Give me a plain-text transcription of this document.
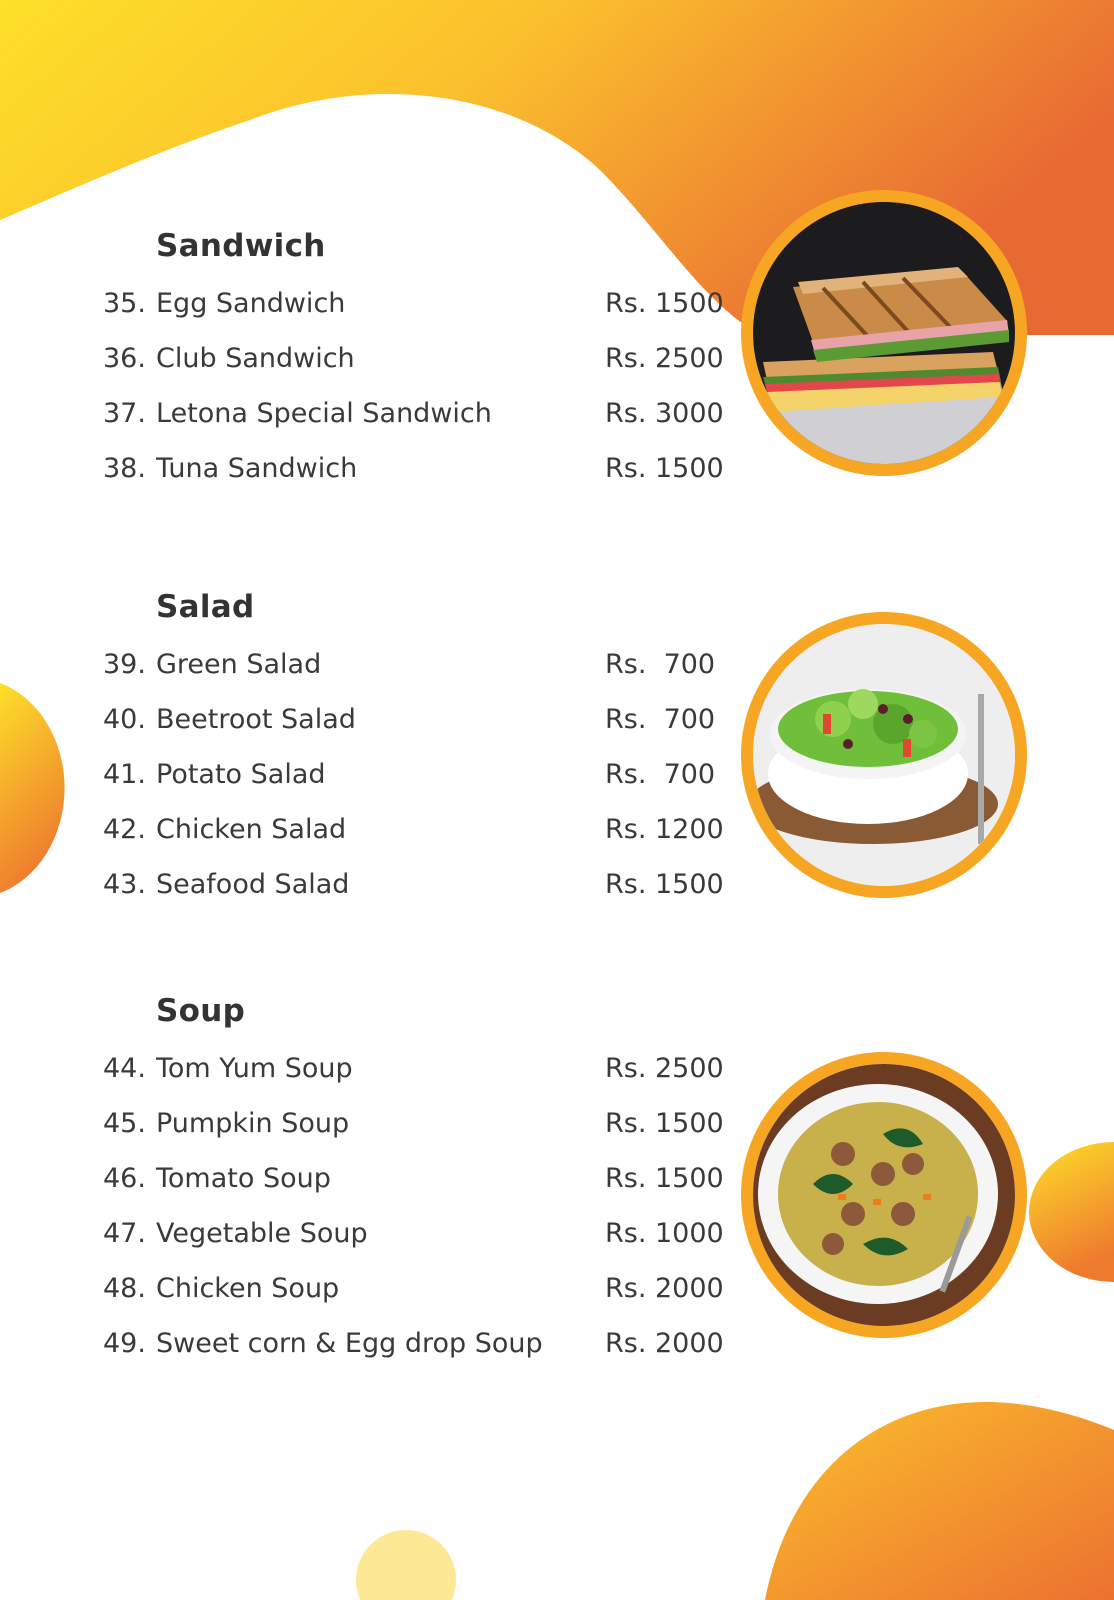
Sandwich
35. Egg Sandwich	Rs. 1500
36. Club Sandwich	Rs. 2500
37. Letona Special Sandwich	Rs. 3000
38. Tuna Sandwich	Rs. 1500
Salad
39. Green Salad	Rs.  700
40. Beetroot Salad	Rs.  700
41. Potato Salad	Rs.  700
42. Chicken Salad	Rs. 1200
43. Seafood Salad	Rs. 1500
Soup
44. Tom Yum Soup	Rs. 2500
45. Pumpkin Soup	Rs. 1500
46. Tomato Soup	Rs. 1500
47. Vegetable Soup	Rs. 1000
48. Chicken Soup	Rs. 2000
49. Sweet corn & Egg drop Soup Rs. 2000
